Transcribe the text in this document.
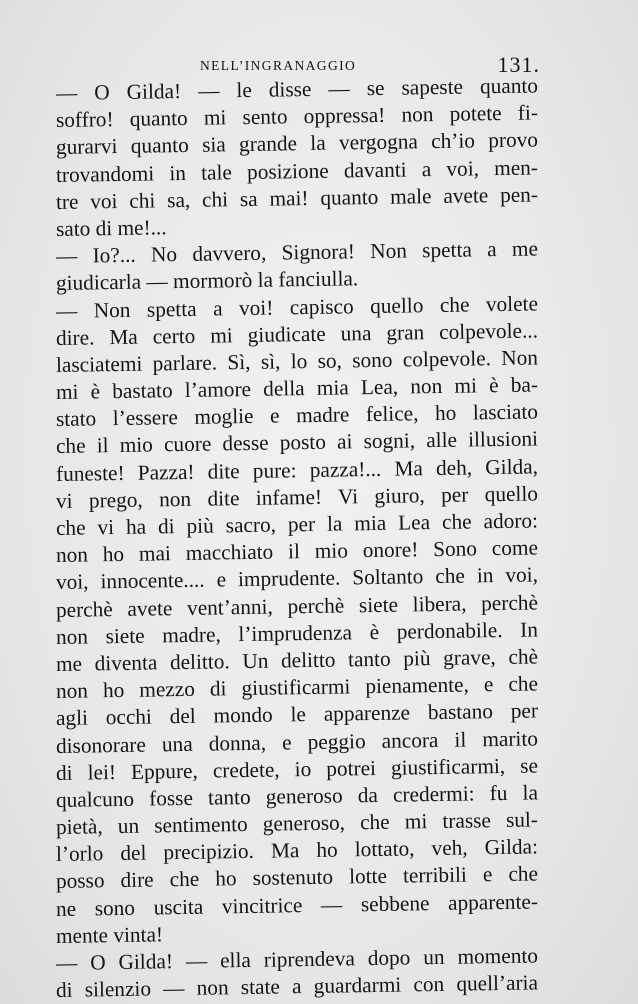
NELL’INGRANAGGIO	131.
— O Gilda! — le disse — se sapeste quanto
soffro! quanto mi sento oppressa! non potete fi-
gurarvi quanto sia grande la vergogna ch’io provo
trovandomi in tale posizione davanti a voi, men-
tre voi chi sa, chi sa mai! quanto male avete pen-
sato di me!...
— Io?... No davvero, Signora! Non spetta a me
giudicarla — mormorò la fanciulla.
— Non spetta a voi! capisco quello che volete
dire. Ma certo mi giudicate una gran colpevole...
lasciatemi parlare. Sì, sì, lo so, sono colpevole. Non
mi è bastato l’amore della mia Lea, non mi è ba-
stato l’essere moglie e madre felice, ho lasciato
che il mio cuore desse posto ai sogni, alle illusioni
funeste! Pazza! dite pure: pazza!... Ma deh, Gilda,
vi prego, non dite infame! Vi giuro, per quello
che vi ha di più sacro, per la mia Lea che adoro:
non ho mai macchiato il mio onore! Sono come
voi, innocente.... e imprudente. Soltanto che in voi,
perchè avete vent’anni, perchè siete libera, perchè
non siete madre, l’imprudenza è perdonabile. In
me diventa delitto. Un delitto tanto più grave, chè
non ho mezzo di giustificarmi pienamente, e che
agli occhi del mondo le apparenze bastano per
disonorare una donna, e peggio ancora il marito
di lei! Eppure, credete, io potrei giustificarmi, se
qualcuno fosse tanto generoso da credermi: fu la
pietà, un sentimento generoso, che mi trasse sul-
l’orlo del precipizio. Ma ho lottato, veh, Gilda:
posso dire che ho sostenuto lotte terribili e che
ne sono uscita vincitrice — sebbene apparente-
mente vinta!
— O Gilda! — ella riprendeva dopo un momento
di silenzio — non state a guardarmi con quell’aria
